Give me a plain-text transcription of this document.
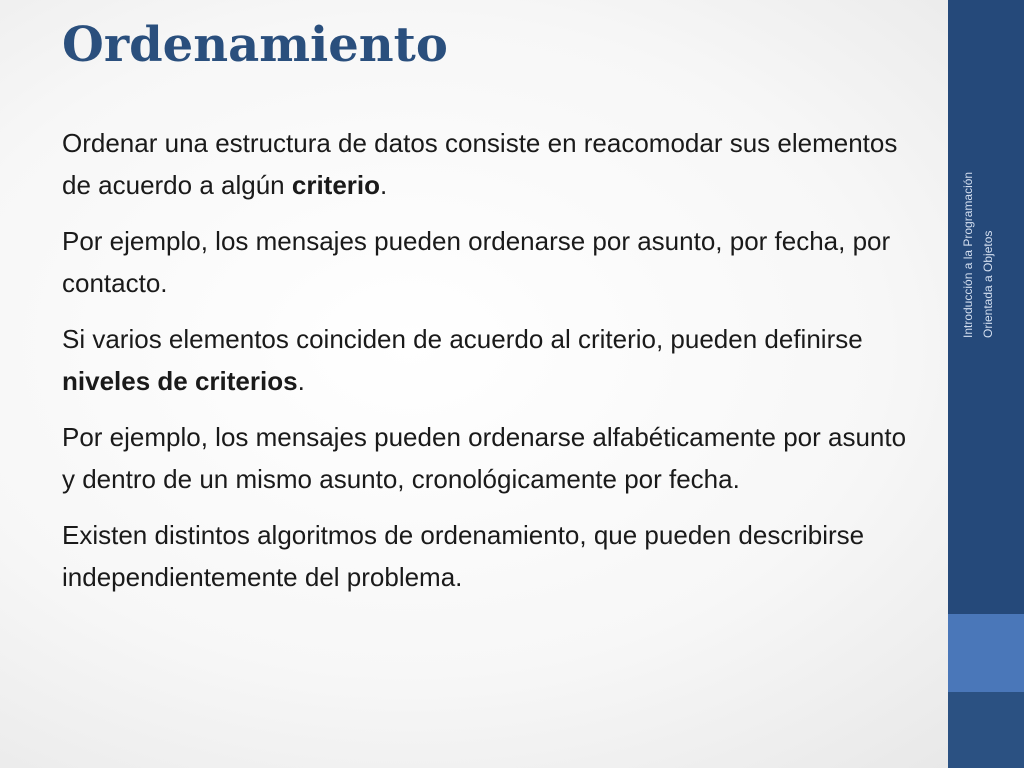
Ordenamiento

Ordenar una estructura de datos consiste en reacomodar sus elementos de acuerdo a algún criterio.

Por ejemplo, los mensajes pueden ordenarse por asunto, por fecha, por contacto.

Si varios elementos coinciden de acuerdo al criterio, pueden definirse niveles de criterios.

Por ejemplo, los mensajes pueden ordenarse alfabéticamente por asunto y dentro de un mismo asunto, cronológicamente por fecha.

Existen distintos algoritmos de ordenamiento, que pueden describirse independientemente del problema.

Introducción a la Programación Orientada a Objetos
